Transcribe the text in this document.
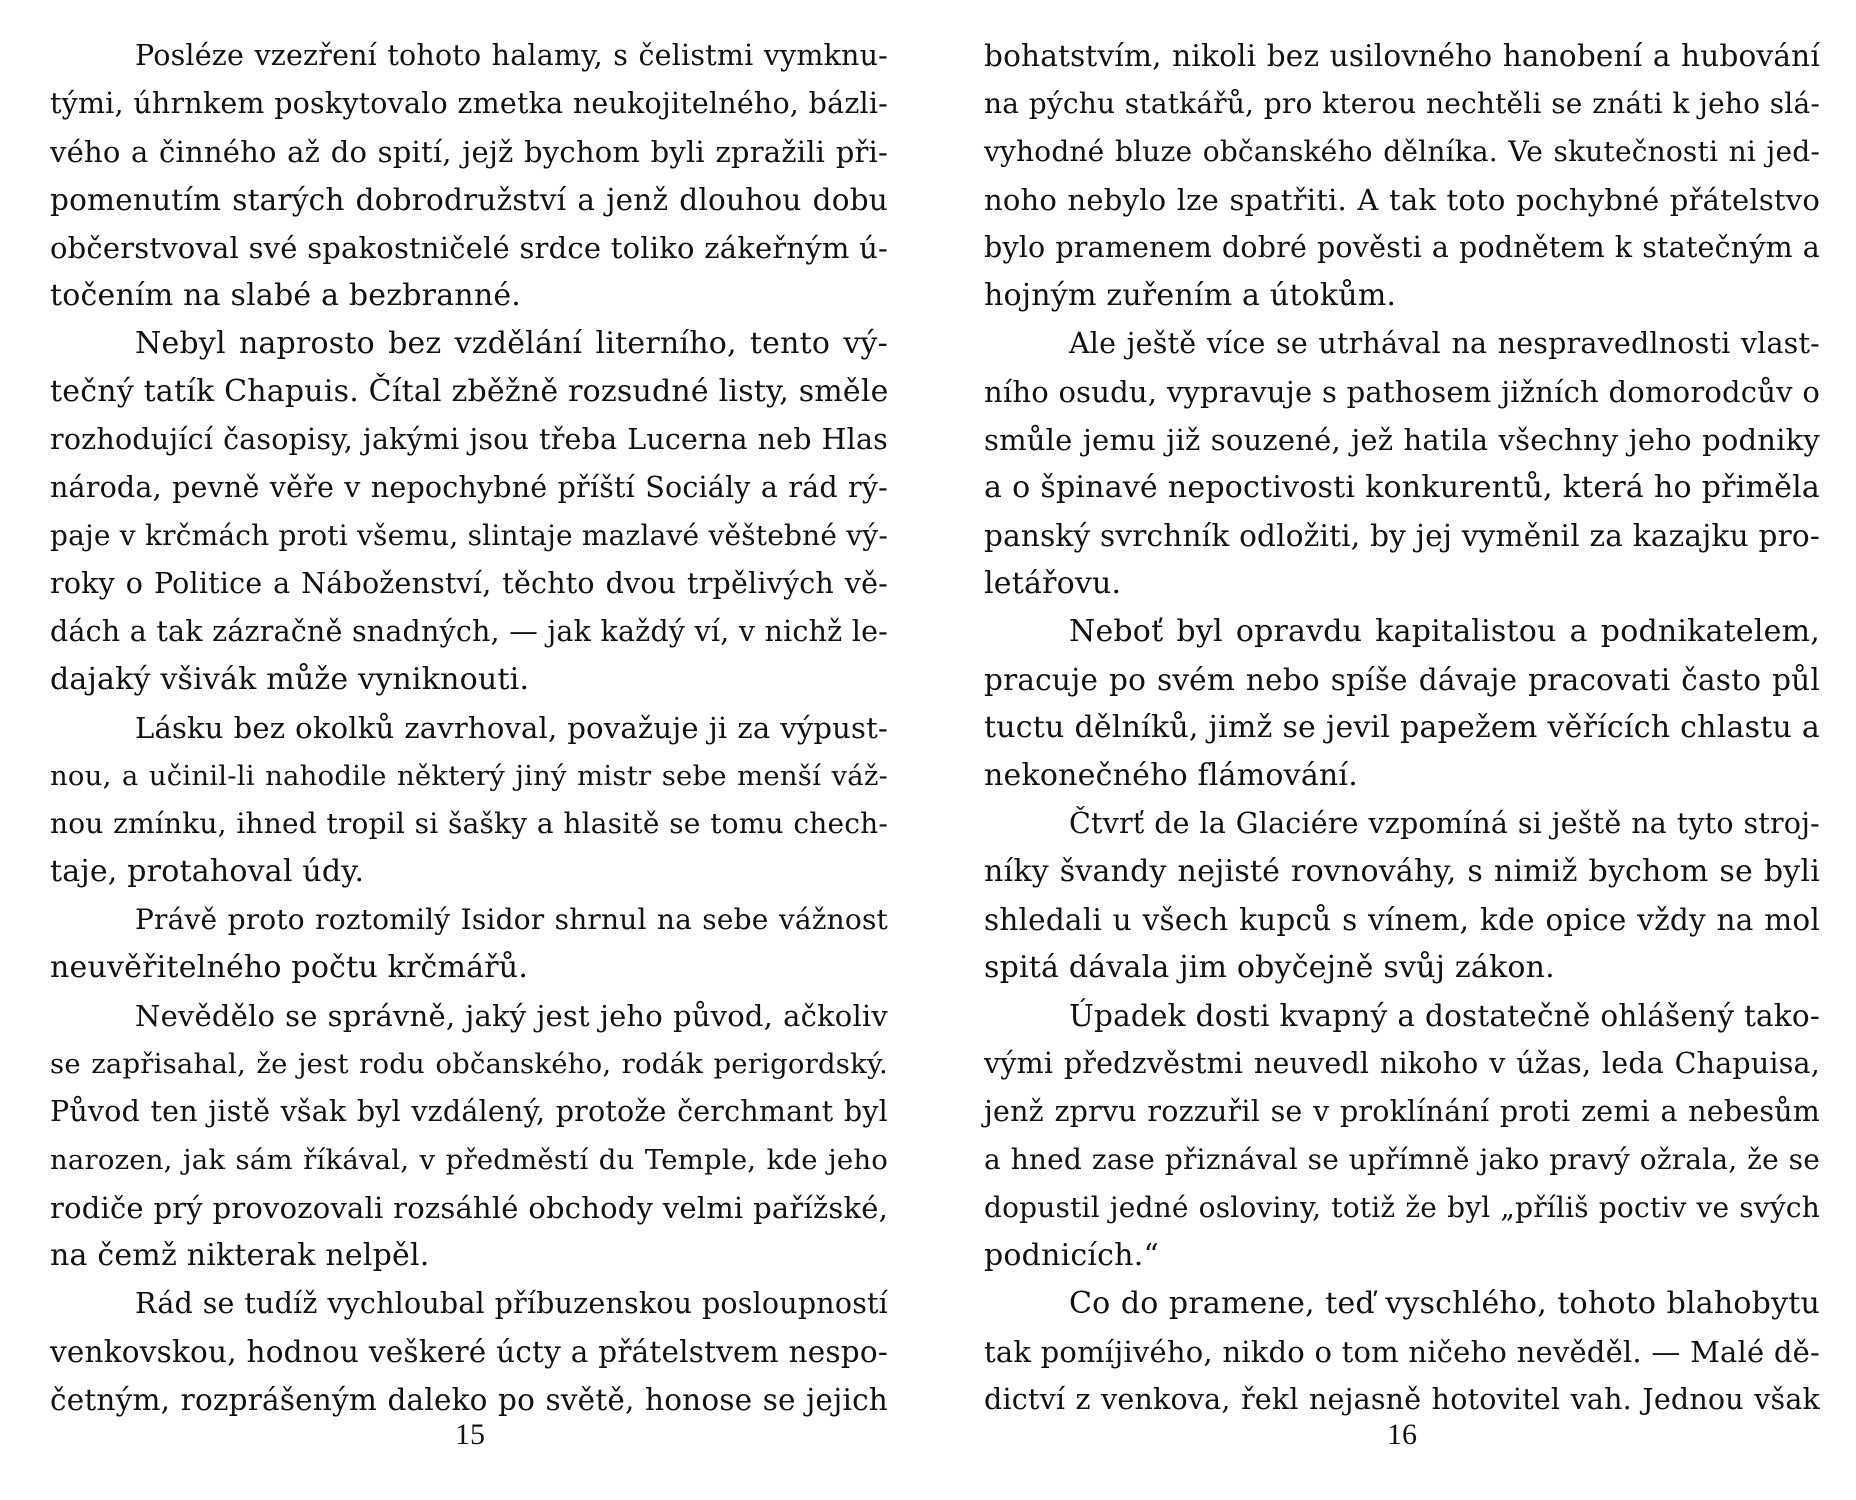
Posléze vzezření tohoto halamy, s čelistmi vymknu-
tými, úhrnkem poskytovalo zmetka neukojitelného, bázli-
vého a činného až do spití, jejž bychom byli zpražili při-
pomenutím starých dobrodružství a jenž dlouhou dobu
občerstvoval své spakostničelé srdce toliko zákeřným ú-
točením na slabé a bezbranné.
Nebyl naprosto bez vzdělání literního, tento vý-
tečný tatík Chapuis. Čítal zběžně rozsudné listy, směle
rozhodující časopisy, jakými jsou třeba Lucerna neb Hlas
národa, pevně věře v nepochybné příští Sociály a rád rý-
paje v krčmách proti všemu, slintaje mazlavé věštebné vý-
roky o Politice a Náboženství, těchto dvou trpělivých vě-
dách a tak zázračně snadných, — jak každý ví, v nichž le-
dajaký všivák může vyniknouti.
Lásku bez okolků zavrhoval, považuje ji za výpust-
nou, a učinil-li nahodile některý jiný mistr sebe menší váž-
nou zmínku, ihned tropil si šašky a hlasitě se tomu chech-
taje, protahoval údy.
Právě proto roztomilý Isidor shrnul na sebe vážnost
neuvěřitelného počtu krčmářů.
Nevědělo se správně, jaký jest jeho původ, ačkoliv
se zapřisahal, že jest rodu občanského, rodák perigordský.
Původ ten jistě však byl vzdálený, protože čerchmant byl
narozen, jak sám říkával, v předměstí du Temple, kde jeho
rodiče prý provozovali rozsáhlé obchody velmi pařížské,
na čemž nikterak nelpěl.
Rád se tudíž vychloubal příbuzenskou posloupností
venkovskou, hodnou veškeré úcty a přátelstvem nespo-
četným, rozprášeným daleko po světě, honose se jejich
15
bohatstvím, nikoli bez usilovného hanobení a hubování
na pýchu statkářů, pro kterou nechtěli se znáti k jeho slá-
vyhodné bluze občanského dělníka. Ve skutečnosti ni jed-
noho nebylo lze spatřiti. A tak toto pochybné přátelstvo
bylo pramenem dobré pověsti a podnětem k statečným a
hojným zuřením a útokům.
Ale ještě více se utrhával na nespravedlnosti vlast-
ního osudu, vypravuje s pathosem jižních domorodcův o
smůle jemu již souzené, jež hatila všechny jeho podniky
a o špinavé nepoctivosti konkurentů, která ho přiměla
panský svrchník odložiti, by jej vyměnil za kazajku pro-
letářovu.
Neboť byl opravdu kapitalistou a podnikatelem,
pracuje po svém nebo spíše dávaje pracovati často půl
tuctu dělníků, jimž se jevil papežem věřících chlastu a
nekonečného flámování.
Čtvrť de la Glaciére vzpomíná si ještě na tyto stroj-
níky švandy nejisté rovnováhy, s nimiž bychom se byli
shledali u všech kupců s vínem, kde opice vždy na mol
spitá dávala jim obyčejně svůj zákon.
Úpadek dosti kvapný a dostatečně ohlášený tako-
vými předzvěstmi neuvedl nikoho v úžas, leda Chapuisa,
jenž zprvu rozzuřil se v proklínání proti zemi a nebesům
a hned zase přiznával se upřímně jako pravý ožrala, že se
dopustil jedné osloviny, totiž že byl „příliš poctiv ve svých
podnicích.“
Co do pramene, teď vyschlého, tohoto blahobytu
tak pomíjivého, nikdo o tom ničeho nevěděl. — Malé dě-
dictví z venkova, řekl nejasně hotovitel vah. Jednou však
16
